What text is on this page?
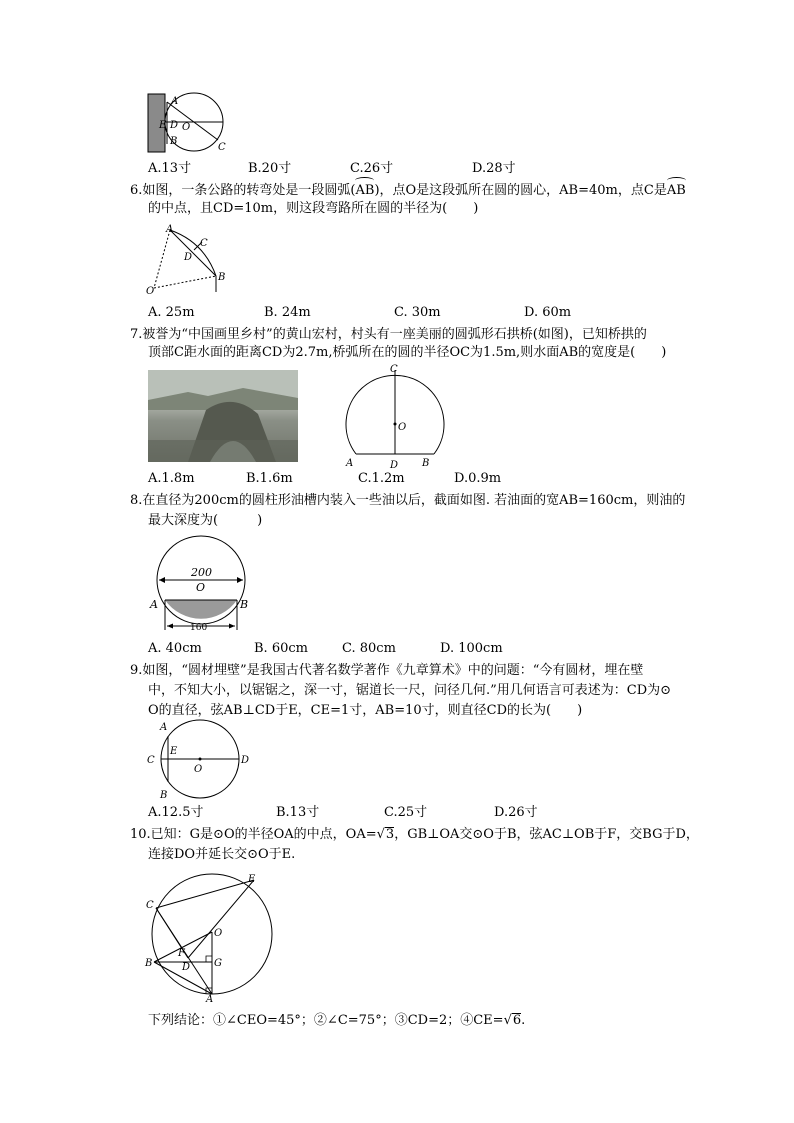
A
E D O
B
C
A.13寸	B.20寸	C.26寸	D.28寸
6.如图，一条公路的转弯处是一段圆弧(AB)，点O是这段弧所在圆的圆心，AB=40m，点C是AB
的中点，且CD=10m，则这段弯路所在圆的半径为(　　)
A
C
D
B
O
A. 25m	B. 24m	C. 30m	D. 60m
7.被誉为“中国画里乡村”的黄山宏村，村头有一座美丽的圆弧形石拱桥(如图)，已知桥拱的
顶部C距水面的距离CD为2.7m,桥弧所在的圆的半径OC为1.5m,则水面AB的宽度是(　　)
C
O
A	D B
A.1.8m	B.1.6m	C.1.2m	D.0.9m
8.在直径为200cm的圆柱形油槽内装入一些油以后，截面如图. 若油面的宽AB=160cm，则油的
最大深度为(　　　)
200
O
A	B
160
A. 40cm	B. 60cm	C. 80cm	D. 100cm
9.如图，“圆材埋壁”是我国古代著名数学著作《九章算术》中的问题：“今有圆材，埋在壁
中，不知大小，以锯锯之，深一寸，锯道长一尺，问径几何.”用几何语言可表述为：CD为⊙
O的直径，弦AB⊥CD于E，CE=1寸，AB=10寸，则直径CD的长为(　　)
A
E
C
O
D
B
A.12.5寸	B.13寸	C.25寸	D.26寸
10.已知：G是⊙O的半径OA的中点，OA=√3，GB⊥OA交⊙O于B，弦AC⊥OB于F，交BG于D，
连接DO并延长交⊙O于E.
E
C
O
B
F
D G
A
下列结论：①∠CEO=45°；②∠C=75°；③CD=2；④CE=√6.
